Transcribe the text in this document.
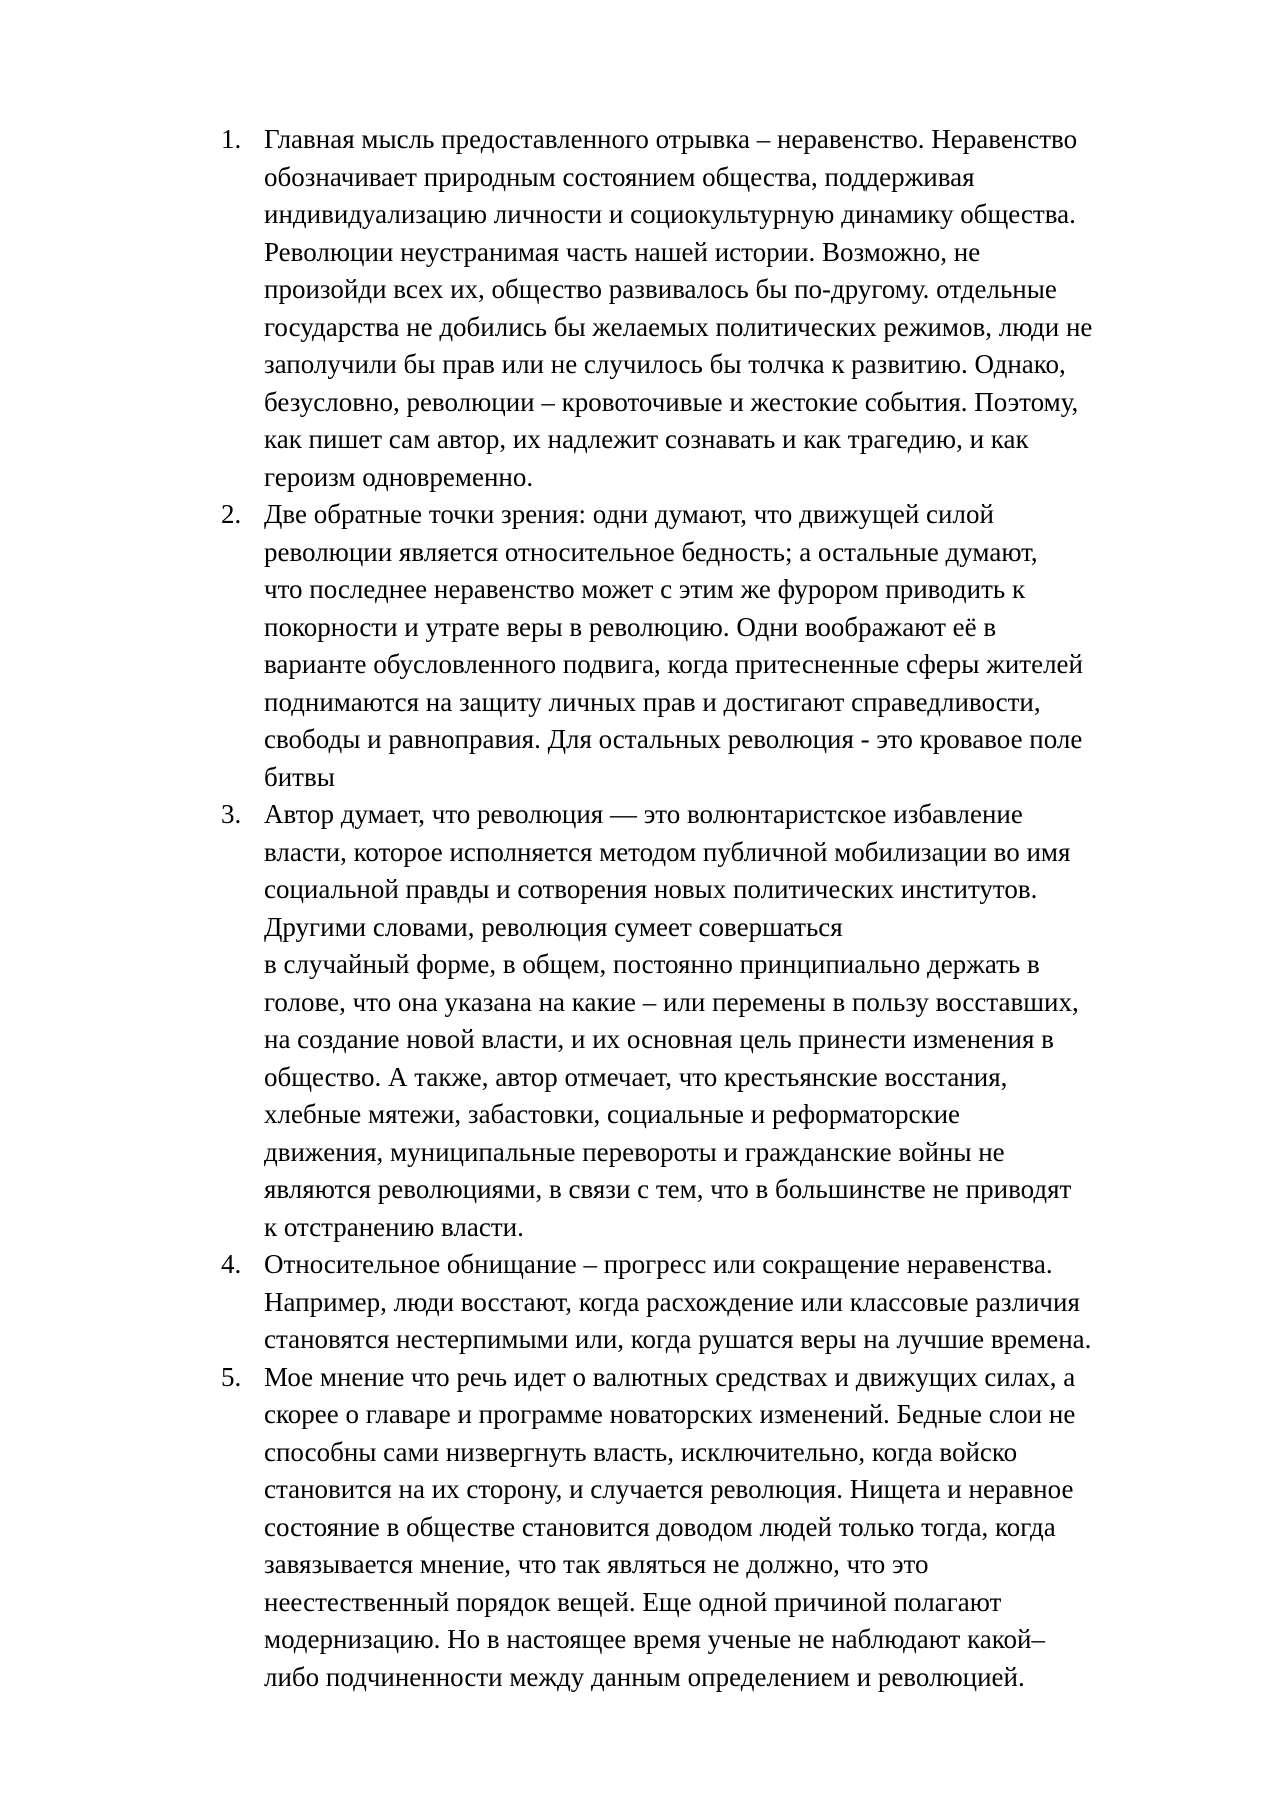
1. Главная мысль предоставленного отрывка – неравенство. Неравенство
обозначивает природным состоянием общества, поддерживая
индивидуализацию личности и социокультурную динамику общества.
Революции неустранимая часть нашей истории. Возможно, не
произойди всех их, общество развивалось бы по-другому. отдельные
государства не добились бы желаемых политических режимов, люди не
заполучили бы прав или не случилось бы толчка к развитию. Однако,
безусловно, революции – кровоточивые и жестокие события. Поэтому,
как пишет сам автор, их надлежит сознавать и как трагедию, и как
героизм одновременно.
2. Две обратные точки зрения: одни думают, что движущей силой
революции является относительное бедность; а остальные думают,
что последнее неравенство может с этим же фурором приводить к
покорности и утрате веры в революцию. Одни воображают её в
варианте обусловленного подвига, когда притесненные сферы жителей
поднимаются на защиту личных прав и достигают справедливости,
свободы и равноправия. Для остальных революция - это кровавое поле
битвы
3. Автор думает, что революция — это волюнтаристское избавление
власти, которое исполняется методом публичной мобилизации во имя
социальной правды и сотворения новых политических институтов.
Другими словами, революция сумеет совершаться
в случайный форме, в общем, постоянно принципиально держать в
голове, что она указана на какие – или перемены в пользу восставших,
на создание новой власти, и их основная цель принести изменения в
общество. А также, автор отмечает, что крестьянские восстания,
хлебные мятежи, забастовки, социальные и реформаторские
движения, муниципальные перевороты и гражданские войны не
являются революциями, в связи с тем, что в большинстве не приводят
к отстранению власти.
4. Относительное обнищание – прогресс или сокращение неравенства.
Например, люди восстают, когда расхождение или классовые различия
становятся нестерпимыми или, когда рушатся веры на лучшие времена.
5. Мое мнение что речь идет о валютных средствах и движущих силах, а
скорее о главаре и программе новаторских изменений. Бедные слои не
способны сами низвергнуть власть, исключительно, когда войско
становится на их сторону, и случается революция. Нищета и неравное
состояние в обществе становится доводом людей только тогда, когда
завязывается мнение, что так являться не должно, что это
неестественный порядок вещей. Еще одной причиной полагают
модернизацию. Но в настоящее время ученые не наблюдают какой–
либо подчиненности между данным определением и революцией.
